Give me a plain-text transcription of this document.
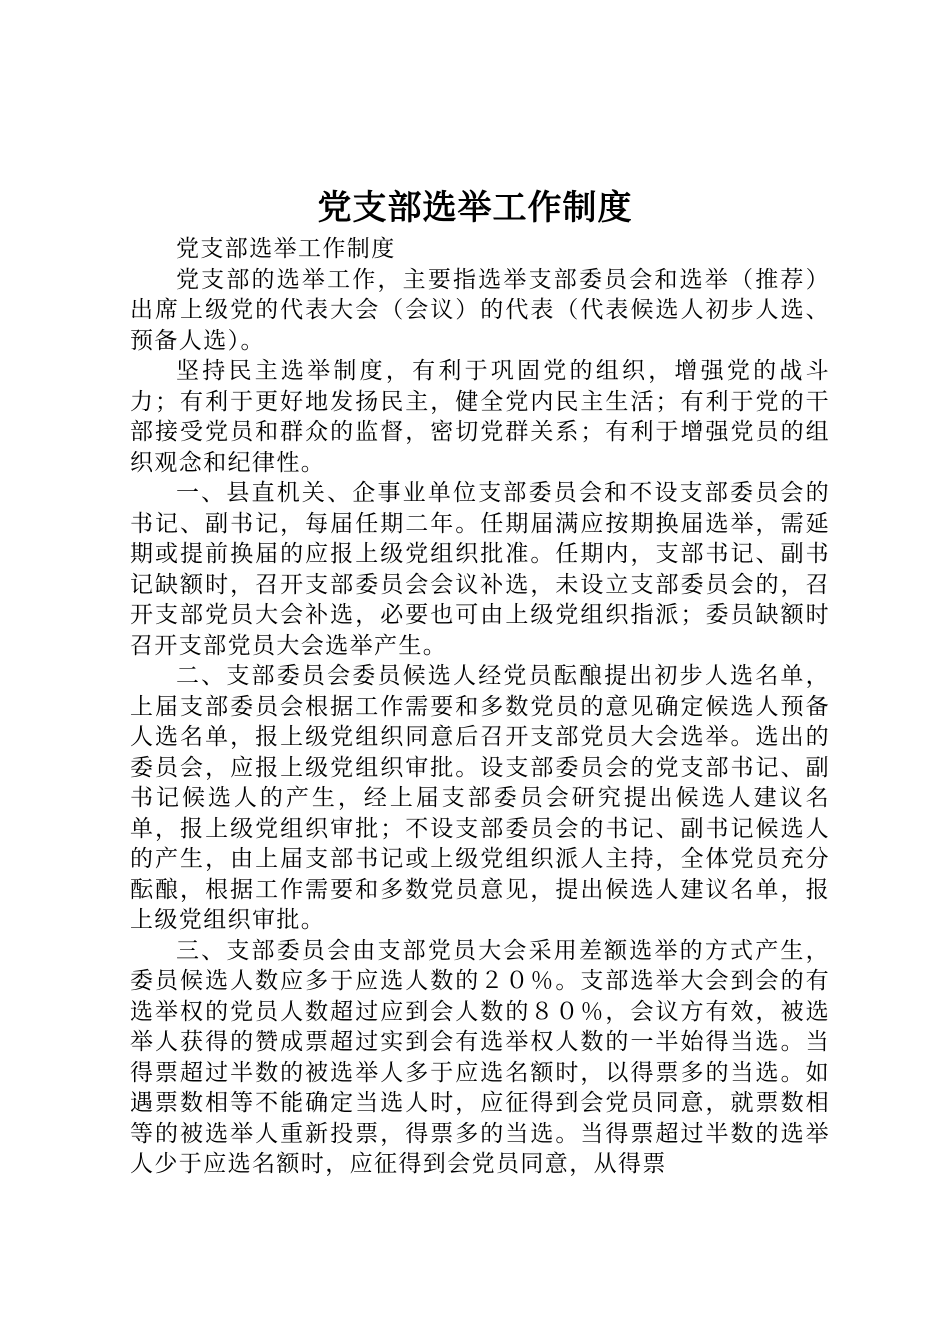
党支部选举工作制度

党支部选举工作制度

党支部的选举工作，主要指选举支部委员会和选举（推荐）出席上级党的代表大会（会议）的代表（代表候选人初步人选、预备人选）。

坚持民主选举制度，有利于巩固党的组织，增强党的战斗力；有利于更好地发扬民主，健全党内民主生活；有利于党的干部接受党员和群众的监督，密切党群关系；有利于增强党员的组织观念和纪律性。

一、县直机关、企事业单位支部委员会和不设支部委员会的书记、副书记，每届任期二年。任期届满应按期换届选举，需延期或提前换届的应报上级党组织批准。任期内，支部书记、副书记缺额时，召开支部委员会会议补选，未设立支部委员会的，召开支部党员大会补选，必要也可由上级党组织指派；委员缺额时召开支部党员大会选举产生。

二、支部委员会委员候选人经党员酝酿提出初步人选名单，上届支部委员会根据工作需要和多数党员的意见确定候选人预备人选名单，报上级党组织同意后召开支部党员大会选举。选出的委员会，应报上级党组织审批。设支部委员会的党支部书记、副书记候选人的产生，经上届支部委员会研究提出候选人建议名单，报上级党组织审批；不设支部委员会的书记、副书记候选人的产生，由上届支部书记或上级党组织派人主持，全体党员充分酝酿，根据工作需要和多数党员意见，提出候选人建议名单，报上级党组织审批。

三、支部委员会由支部党员大会采用差额选举的方式产生，委员候选人数应多于应选人数的２０％。支部选举大会到会的有选举权的党员人数超过应到会人数的８０％，会议方有效，被选举人获得的赞成票超过实到会有选举权人数的一半始得当选。当得票超过半数的被选举人多于应选名额时，以得票多的当选。如遇票数相等不能确定当选人时，应征得到会党员同意，就票数相等的被选举人重新投票，得票多的当选。当得票超过半数的选举人少于应选名额时，应征得到会党员同意，从得票
